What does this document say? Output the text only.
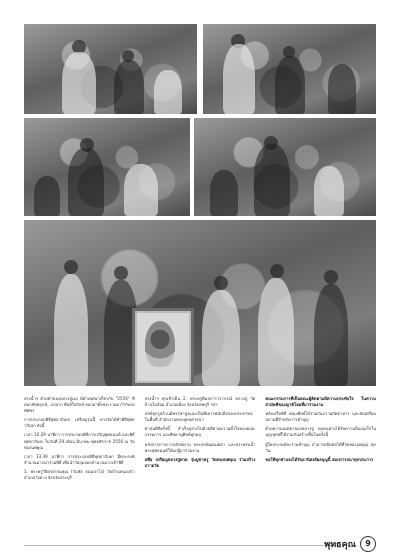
สรงน้ำฯ ด้วยตัวของหลวงปู่เอง มีคำเทศนาเกี่ยวกับ "2556" ที่ดอกชัยพฤกษ์...ลงจาก ศิษย์ใจปักษ์ ดอกอ่าตั้งพระรามผ กำกับลงทัศพร

การประกอบพิธีพุทธาภิเษก เหรียญรุ่นนี้ ทางวัดได้ทำพิธีพุทธาภิเษก ดังนี้

เวลา 10.29 นาฬิกา การประกอบพิธีการเจริญพุทธมนต์ และพิธีพุทธาภิเษก ในวันที่ 29 เดือน มีนาคม พุทธศักราช 2556 ณ วัดทองนพคุณ

เวลา 13.39 นาฬิกา การประกอบพิธีพุทธาภิเษก มีพระสงฆ์จำนวนมากมาร่วมพิธี เพื่อนำวัตถุมงคลจำนวนมากเข้าพิธี

1. พระครูวิจิตรธรรมคุณ (วันชัย ธมฺมปาโล) วัดบ้านหนองบัว อำเภอวังม่วง จังหวัดสระบุรี

สรงน้ำฯ ทุกเช้าเย็น 2. พระครูพิมลการวราภรณ์ หลวงปู่ วัดบ้านไผ่ล้อม อำเภอเมือง จังหวัดลพบุรี ฯลฯ

สงฆ์ทุกรูปล้วนมีพรรษาสูงและเป็นที่เคารพนับถือของประชาชนในพื้นที่ สำนักงานพระพุทธศาสนา

ศาสนพิธีครั้งนี้ สำเร็จลุล่วงไปด้วยดีตามความตั้งใจของคณะกรรมการ และศิษยานุศิษย์ทุกคน

หลังจากการถวายสังฆทาน พระสงฆ์แผ่เมตตา และประพรมน้ำพระพุทธมนต์ให้แก่ผู้มาร่วมงาน

ลพื่อ เหรียญหลวงปู่ทวด รุ่นบูชาครู วัดทองนพคุณ ร่วมสร้างถวายวัด

คณะกรรมการที่เป็นคณะผู้ติดตามมีความประทับใจ ในความสามัคคีของญาติโยมที่มาร่วมงาน

หลังเสร็จพิธี คณะศิษย์ได้ร่วมกันถวายภัตตาหาร และจัดเตรียมสถานที่สำหรับการทำบุญ

ด้วยความเมตตาของหลวงปู่ ทุกคนต่างได้รับความอิ่มเอมใจในบุญกุศลที่ได้ร่วมกันสร้างขึ้นในครั้งนี้

ผู้ใดประสงค์จะร่วมทำบุญ สามารถติดต่อได้ที่วัดทองนพคุณ ทุกวัน

ขอให้ทุกท่านจงได้รับอานิสงส์ผลบุญนี้ สมปรารถนาทุกประการ

พุทธคุณ	9
